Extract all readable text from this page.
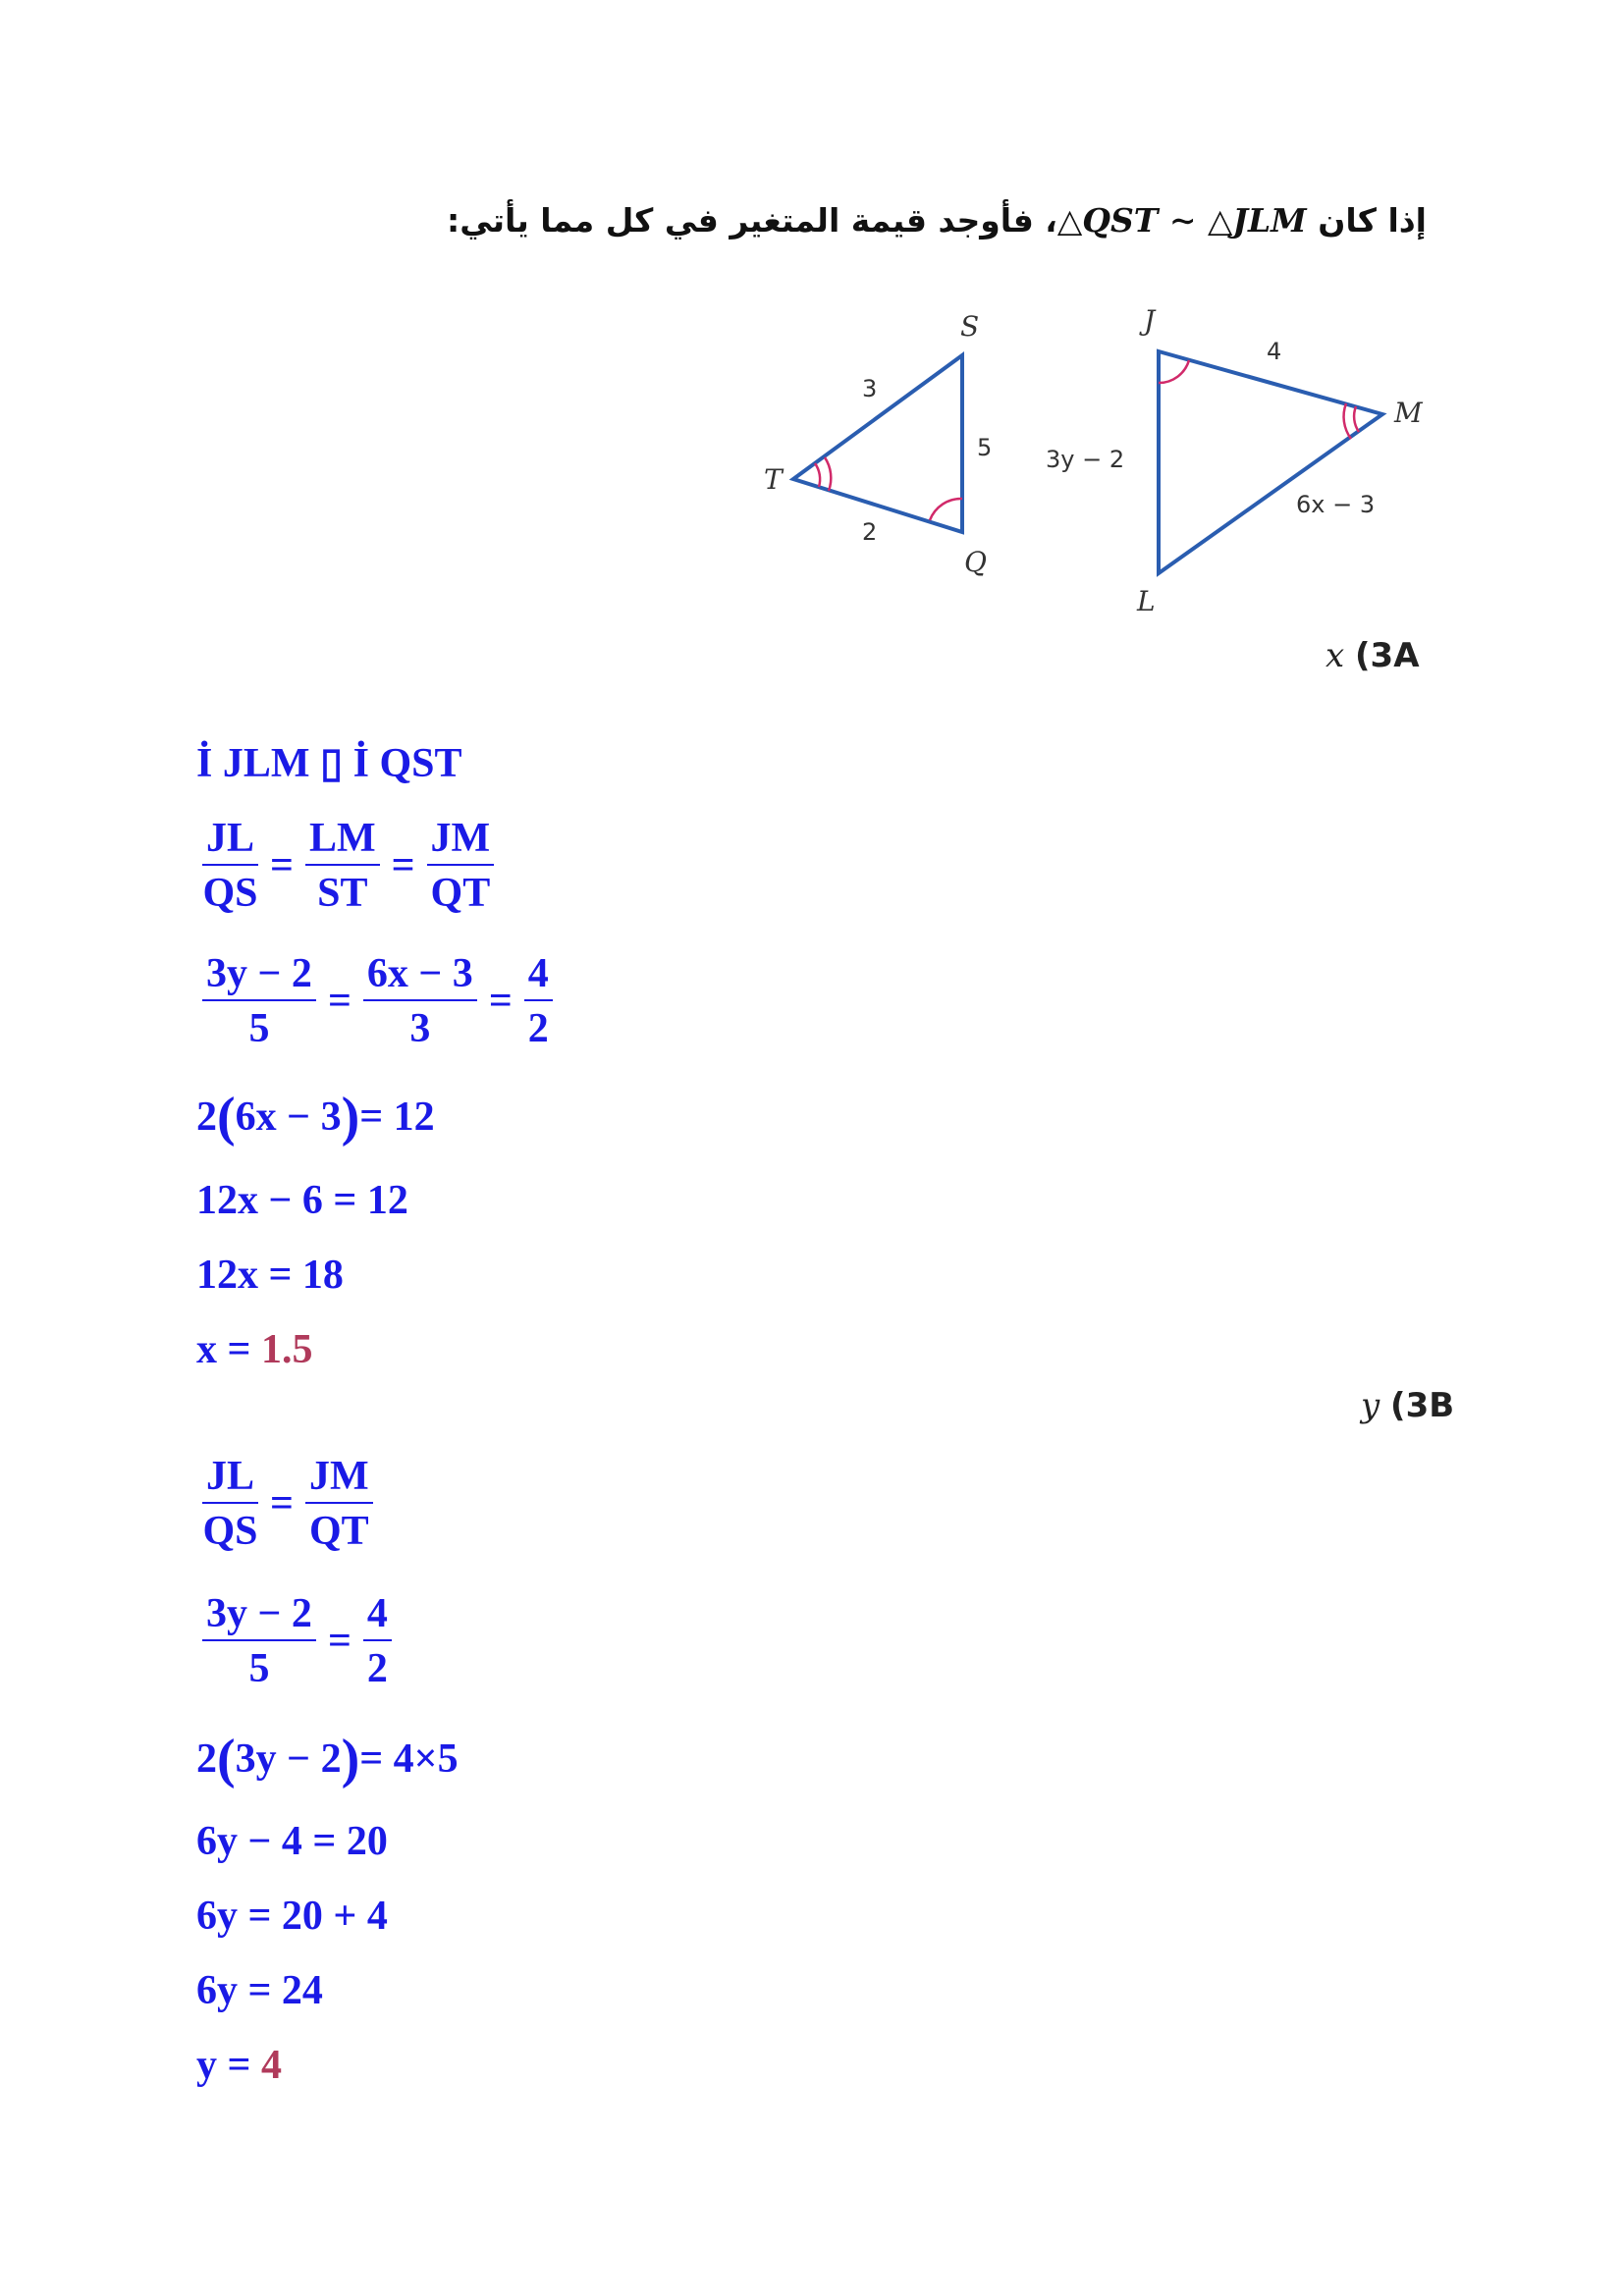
إذا كان △QST ∼ △JLM، فأوجد قيمة المتغير في كل مما يأتي:
S
T
Q
3
5
2
J
M
L
4
3y − 2
6x − 3
x (3A
y (3B
İ JLM ▯ İ QST
$\frac{JL}{QS} = \frac{LM}{ST} = \frac{JM}{QT}$
$\frac{3y - 2}{5} = \frac{6x - 3}{3} = \frac{4}{2}$
2 ( 6x − 3 ) = 12
12x − 6 = 12
12x = 18
x =
1.5
$\frac{JL}{QS} = \frac{JM}{QT}$
$\frac{3y - 2}{5} = \frac{4}{2}$
2 ( 3y − 2 ) = 4×5
6y − 4 = 20
6y = 20 + 4
6y = 24
y =
4
